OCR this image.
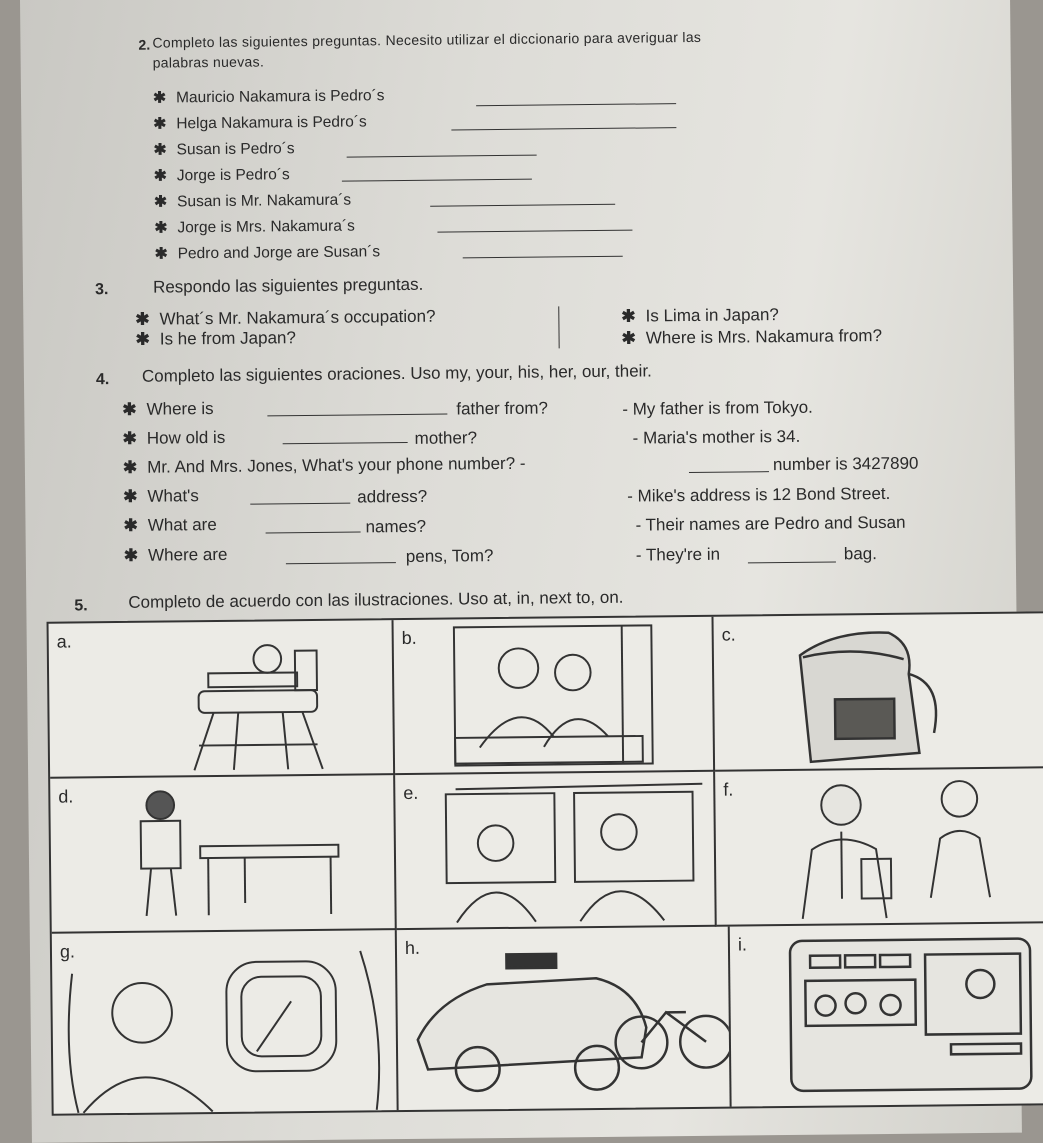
2. Completo las siguientes preguntas. Necesito utilizar el diccionario para averiguar las
palabras nuevas.
✱ Mauricio Nakamura is Pedro´s
✱ Helga Nakamura is Pedro´s
✱ Susan is Pedro´s
✱ Jorge is Pedro´s
✱ Susan is Mr. Nakamura´s
✱ Jorge is Mrs. Nakamura´s
✱ Pedro and Jorge are Susan´s
3.	Respondo las siguientes preguntas.
✱ What´s Mr. Nakamura´s occupation?
✱ Is he from Japan?
✱ Is Lima in Japan?
✱ Where is Mrs. Nakamura from?
4. Completo las siguientes oraciones. Uso my, your, his, her, our, their.
✱ Where is	father from?	- My father is from Tokyo.
✱ How old is	mother?	- Maria's mother is 34.
✱ Mr. And Mrs. Jones, What's your phone number? -	number is 3427890
✱ What's	address?	- Mike's address is 12 Bond Street.
✱ What are	names?	- Their names are Pedro and Susan
✱ Where are	pens, Tom?	- They're in	bag.
5. Completo de acuerdo con las ilustraciones. Uso at, in, next to, on.
a.	b.	c.
d.	e.	f.
g.	h.	i.
